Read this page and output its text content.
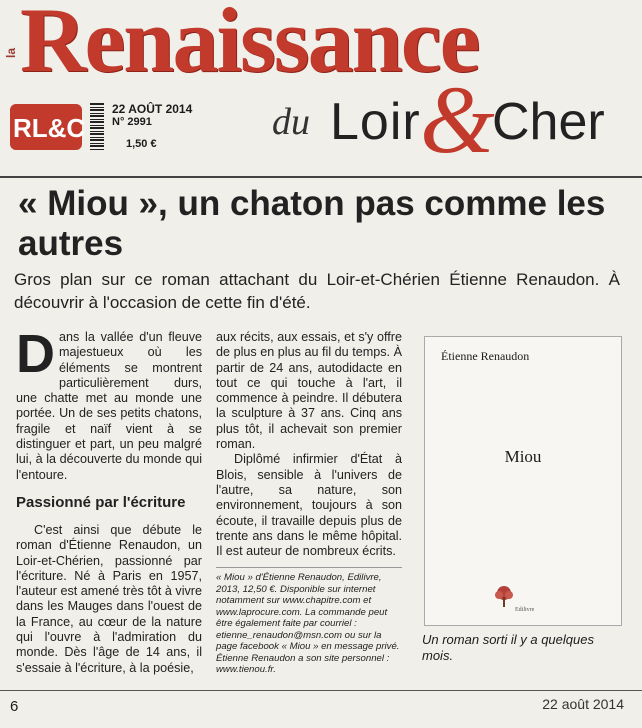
la Renaissance
RL&C
22 AOÛT 2014
N° 2991
1,50 €
du Loir &
Cher
« Miou », un chaton pas comme les autres

Gros plan sur ce roman attachant du Loir-et-Chérien Étienne Renaudon. À découvrir à l'occasion de cette fin d'été.

Dans la vallée d'un fleuve majestueux où les éléments se montrent particulièrement durs, une chatte met au monde une portée. Un de ses petits chatons, fragile et naïf vient à se distinguer et part, un peu malgré lui, à la découverte du monde qui l'entoure.

Passionné par l'écriture

C'est ainsi que débute le roman d'Étienne Renaudon, un Loir-et-Chérien, passionné par l'écriture. Né à Paris en 1957, l'auteur est amené très tôt à vivre dans les Mauges dans l'ouest de la France, au cœur de la nature qui l'ouvre à l'admiration du monde. Dès l'âge de 14 ans, il s'essaie à l'écriture, à la poésie,

aux récits, aux essais, et s'y offre de plus en plus au fil du temps. À partir de 24 ans, autodidacte en tout ce qui touche à l'art, il commence à peindre. Il débutera la sculpture à 37 ans. Cinq ans plus tôt, il achevait son premier roman.

Diplômé infirmier d'État à Blois, sensible à l'univers de l'autre, sa nature, son environnement, toujours à son écoute, il travaille depuis plus de trente ans dans le même hôpital. Il est auteur de nombreux écrits.

« Miou » d'Étienne Renaudon, Edilivre, 2013, 12,50 €. Disponible sur internet notamment sur www.chapitre.com et www.laprocure.com. La commande peut être également faite par courriel : etienne_renaudon@msn.com ou sur la page facebook « Miou » en message privé. Étienne Renaudon a son site personnel : www.tienou.fr.
Étienne Renaudon
Miou
Edilivre

Un roman sorti il y a quelques mois.

6	22 août 2014
